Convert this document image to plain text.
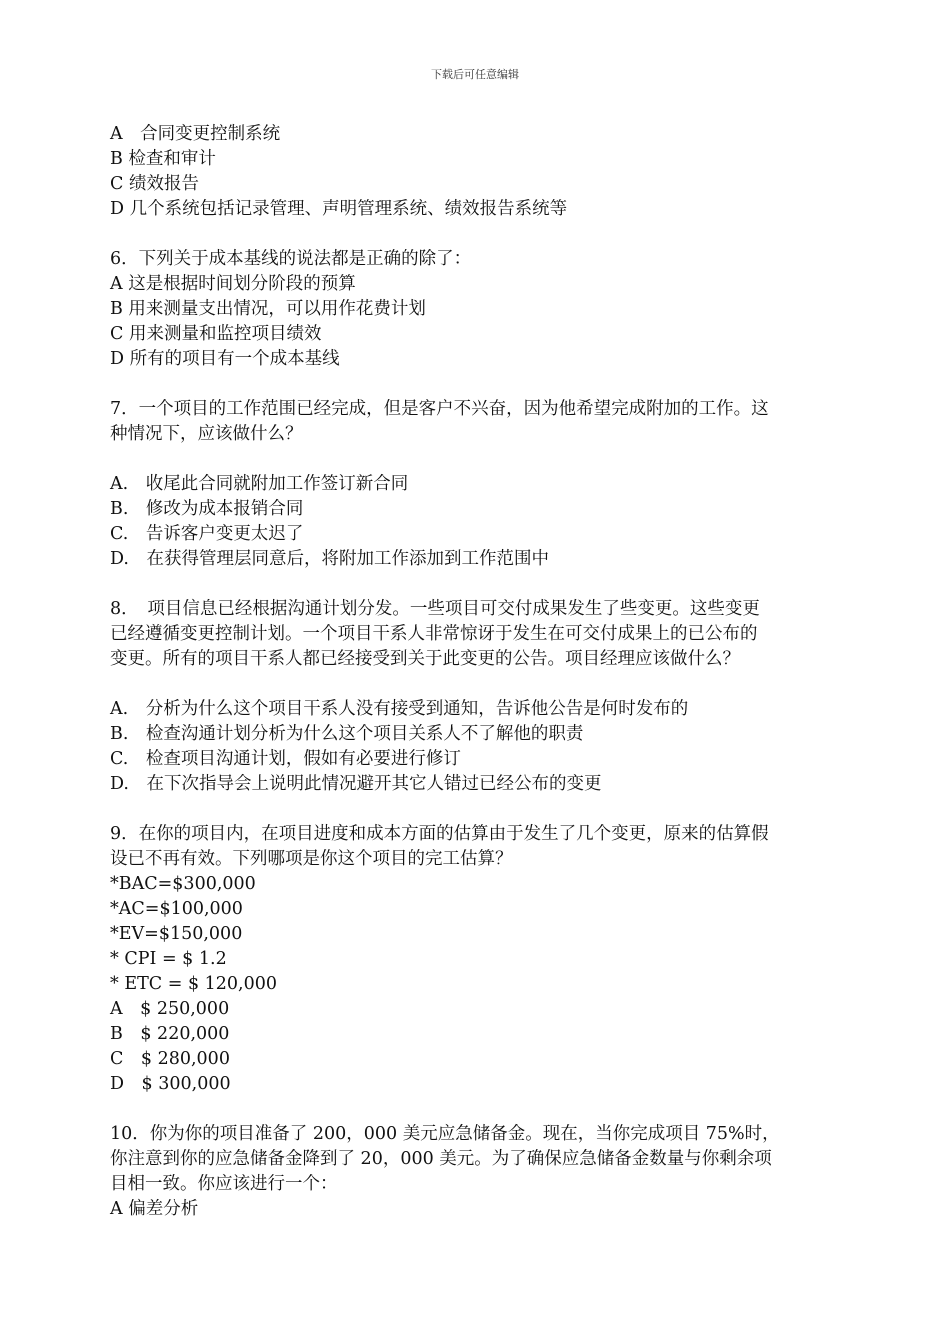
下载后可任意编辑
A　合同变更控制系统
B 检查和审计
C 绩效报告
D 几个系统包括记录管理、声明管理系统、绩效报告系统等
6．下列关于成本基线的说法都是正确的除了：
A 这是根据时间划分阶段的预算
B 用来测量支出情况，可以用作花费计划
C 用来测量和监控项目绩效
D 所有的项目有一个成本基线
7．一个项目的工作范围已经完成，但是客户不兴奋，因为他希望完成附加的工作。这
种情况下，应该做什么？
A.　收尾此合同就附加工作签订新合同
B.　修改为成本报销合同
C.　告诉客户变更太迟了
D.　在获得管理层同意后，将附加工作添加到工作范围中
8．　项目信息已经根据沟通计划分发。一些项目可交付成果发生了些变更。这些变更
已经遵循变更控制计划。一个项目干系人非常惊讶于发生在可交付成果上的已公布的
变更。所有的项目干系人都已经接受到关于此变更的公告。项目经理应该做什么？
A.　分析为什么这个项目干系人没有接受到通知，告诉他公告是何时发布的
B.　检查沟通计划分析为什么这个项目关系人不了解他的职责
C.　检查项目沟通计划，假如有必要进行修订
D.　在下次指导会上说明此情况避开其它人错过已经公布的变更
9．在你的项目内，在项目进度和成本方面的估算由于发生了几个变更，原来的估算假
设已不再有效。下列哪项是你这个项目的完工估算？
*BAC=$300,000
*AC=$100,000
*EV=$150,000
* CPI = $ 1.2
* ETC = $ 120,000
A　$ 250,000
B　$ 220,000
C　$ 280,000
D　$ 300,000
10．你为你的项目准备了 200，000 美元应急储备金。现在，当你完成项目 75%时，
你注意到你的应急储备金降到了 20，000 美元。为了确保应急储备金数量与你剩余项
目相一致。你应该进行一个：
A 偏差分析
